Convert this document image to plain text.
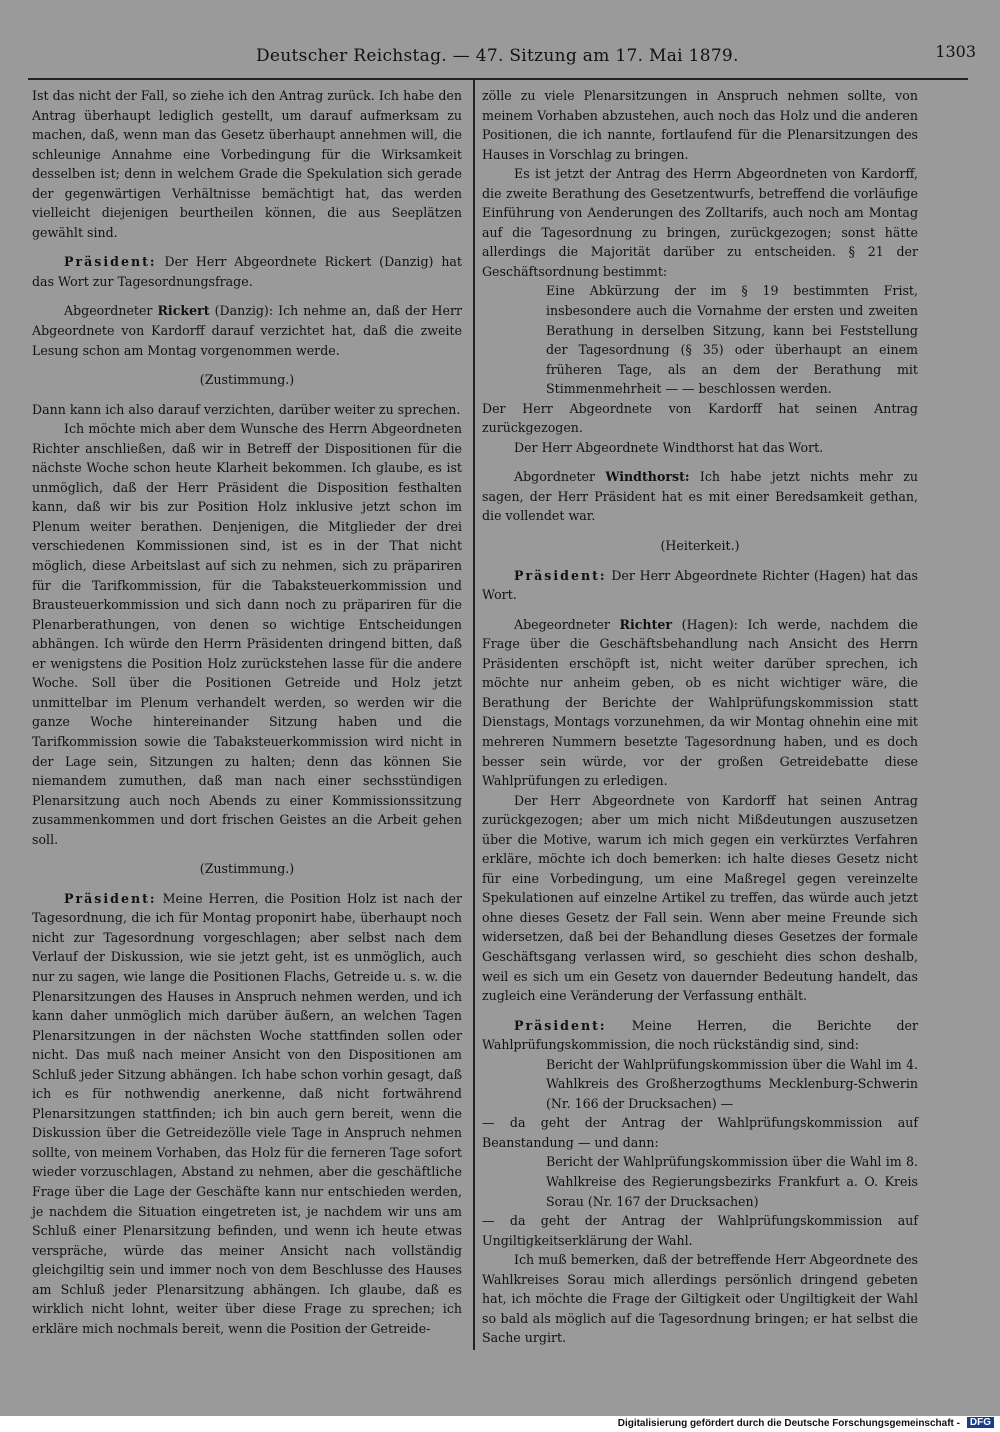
Deutscher Reichstag. — 47. Sitzung am 17. Mai 1879.	1303

Ist das nicht der Fall, so ziehe ich den Antrag zurück. Ich habe den Antrag überhaupt lediglich gestellt, um darauf aufmerksam zu machen, daß, wenn man das Gesetz überhaupt annehmen will, die schleunige Annahme eine Vorbedingung für die Wirksamkeit desselben ist; denn in welchem Grade die Spekulation sich gerade der gegenwärtigen Verhältnisse bemächtigt hat, das werden vielleicht diejenigen beurtheilen können, die aus Seeplätzen gewählt sind.

Präsident: Der Herr Abgeordnete Rickert (Danzig) hat das Wort zur Tagesordnungsfrage.

Abgeordneter Rickert (Danzig): Ich nehme an, daß der Herr Abgeordnete von Kardorff darauf verzichtet hat, daß die zweite Lesung schon am Montag vorgenommen werde.

(Zustimmung.)

Dann kann ich also darauf verzichten, darüber weiter zu sprechen.

Ich möchte mich aber dem Wunsche des Herrn Abgeordneten Richter anschließen, daß wir in Betreff der Dispositionen für die nächste Woche schon heute Klarheit bekommen. Ich glaube, es ist unmöglich, daß der Herr Präsident die Disposition festhalten kann, daß wir bis zur Position Holz inklusive jetzt schon im Plenum weiter berathen. Denjenigen, die Mitglieder der drei verschiedenen Kommissionen sind, ist es in der That nicht möglich, diese Arbeitslast auf sich zu nehmen, sich zu präpariren für die Tarifkommission, für die Tabaksteuerkommission und Brausteuerkommission und sich dann noch zu präpariren für die Plenarberathungen, von denen so wichtige Entscheidungen abhängen. Ich würde den Herrn Präsidenten dringend bitten, daß er wenigstens die Position Holz zurückstehen lasse für die andere Woche. Soll über die Positionen Getreide und Holz jetzt unmittelbar im Plenum verhandelt werden, so werden wir die ganze Woche hintereinander Sitzung haben und die Tarifkommission sowie die Tabaksteuerkommission wird nicht in der Lage sein, Sitzungen zu halten; denn das können Sie niemandem zumuthen, daß man nach einer sechsstündigen Plenarsitzung auch noch Abends zu einer Kommissionssitzung zusammenkommen und dort frischen Geistes an die Arbeit gehen soll.

(Zustimmung.)

Präsident: Meine Herren, die Position Holz ist nach der Tagesordnung, die ich für Montag proponirt habe, überhaupt noch nicht zur Tagesordnung vorgeschlagen; aber selbst nach dem Verlauf der Diskussion, wie sie jetzt geht, ist es unmöglich, auch nur zu sagen, wie lange die Positionen Flachs, Getreide u. s. w. die Plenarsitzungen des Hauses in Anspruch nehmen werden, und ich kann daher unmöglich mich darüber äußern, an welchen Tagen Plenarsitzungen in der nächsten Woche stattfinden sollen oder nicht. Das muß nach meiner Ansicht von den Dispositionen am Schluß jeder Sitzung abhängen. Ich habe schon vorhin gesagt, daß ich es für nothwendig anerkenne, daß nicht fortwährend Plenarsitzungen stattfinden; ich bin auch gern bereit, wenn die Diskussion über die Getreidezölle viele Tage in Anspruch nehmen sollte, von meinem Vorhaben, das Holz für die ferneren Tage sofort wieder vorzuschlagen, Abstand zu nehmen, aber die geschäftliche Frage über die Lage der Geschäfte kann nur entschieden werden, je nachdem die Situation eingetreten ist, je nachdem wir uns am Schluß einer Plenarsitzung befinden, und wenn ich heute etwas verspräche, würde das meiner Ansicht nach vollständig gleichgiltig sein und immer noch von dem Beschlusse des Hauses am Schluß jeder Plenarsitzung abhängen. Ich glaube, daß es wirklich nicht lohnt, weiter über diese Frage zu sprechen; ich erkläre mich nochmals bereit, wenn die Position der Getreide-

zölle zu viele Plenarsitzungen in Anspruch nehmen sollte, von meinem Vorhaben abzustehen, auch noch das Holz und die anderen Positionen, die ich nannte, fortlaufend für die Plenarsitzungen des Hauses in Vorschlag zu bringen.

Es ist jetzt der Antrag des Herrn Abgeordneten von Kardorff, die zweite Berathung des Gesetzentwurfs, betreffend die vorläufige Einführung von Aenderungen des Zolltarifs, auch noch am Montag auf die Tagesordnung zu bringen, zurückgezogen; sonst hätte allerdings die Majorität darüber zu entscheiden. § 21 der Geschäftsordnung bestimmt:

Eine Abkürzung der im § 19 bestimmten Frist, insbesondere auch die Vornahme der ersten und zweiten Berathung in derselben Sitzung, kann bei Feststellung der Tagesordnung (§ 35) oder überhaupt an einem früheren Tage, als an dem der Berathung mit Stimmenmehrheit — — beschlossen werden.

Der Herr Abgeordnete von Kardorff hat seinen Antrag zurückgezogen.

Der Herr Abgeordnete Windthorst hat das Wort.

Abgordneter Windthorst: Ich habe jetzt nichts mehr zu sagen, der Herr Präsident hat es mit einer Beredsamkeit gethan, die vollendet war.

(Heiterkeit.)

Präsident: Der Herr Abgeordnete Richter (Hagen) hat das Wort.

Abegeordneter Richter (Hagen): Ich werde, nachdem die Frage über die Geschäftsbehandlung nach Ansicht des Herrn Präsidenten erschöpft ist, nicht weiter darüber sprechen, ich möchte nur anheim geben, ob es nicht wichtiger wäre, die Berathung der Berichte der Wahlprüfungskommission statt Dienstags, Montags vorzunehmen, da wir Montag ohnehin eine mit mehreren Nummern besetzte Tagesordnung haben, und es doch besser sein würde, vor der großen Getreidebatte diese Wahlprüfungen zu erledigen.

Der Herr Abgeordnete von Kardorff hat seinen Antrag zurückgezogen; aber um mich nicht Mißdeutungen auszusetzen über die Motive, warum ich mich gegen ein verkürztes Verfahren erkläre, möchte ich doch bemerken: ich halte dieses Gesetz nicht für eine Vorbedingung, um eine Maßregel gegen vereinzelte Spekulationen auf einzelne Artikel zu treffen, das würde auch jetzt ohne dieses Gesetz der Fall sein. Wenn aber meine Freunde sich widersetzen, daß bei der Behandlung dieses Gesetzes der formale Geschäftsgang verlassen wird, so geschieht dies schon deshalb, weil es sich um ein Gesetz von dauernder Bedeutung handelt, das zugleich eine Veränderung der Verfassung enthält.

Präsident: Meine Herren, die Berichte der Wahlprüfungskommission, die noch rückständig sind, sind:

Bericht der Wahlprüfungskommission über die Wahl im 4. Wahlkreis des Großherzogthums Mecklenburg-Schwerin (Nr. 166 der Drucksachen) —

— da geht der Antrag der Wahlprüfungskommission auf Beanstandung — und dann:

Bericht der Wahlprüfungskommission über die Wahl im 8. Wahlkreise des Regierungsbezirks Frankfurt a. O. Kreis Sorau (Nr. 167 der Drucksachen)

— da geht der Antrag der Wahlprüfungskommission auf Ungiltigkeitserklärung der Wahl.

Ich muß bemerken, daß der betreffende Herr Abgeordnete des Wahlkreises Sorau mich allerdings persönlich dringend gebeten hat, ich möchte die Frage der Giltigkeit oder Ungiltigkeit der Wahl so bald als möglich auf die Tagesordnung bringen; er hat selbst die Sache urgirt.

Digitalisierung gefördert durch die Deutsche Forschungsgemeinschaft - DFG
